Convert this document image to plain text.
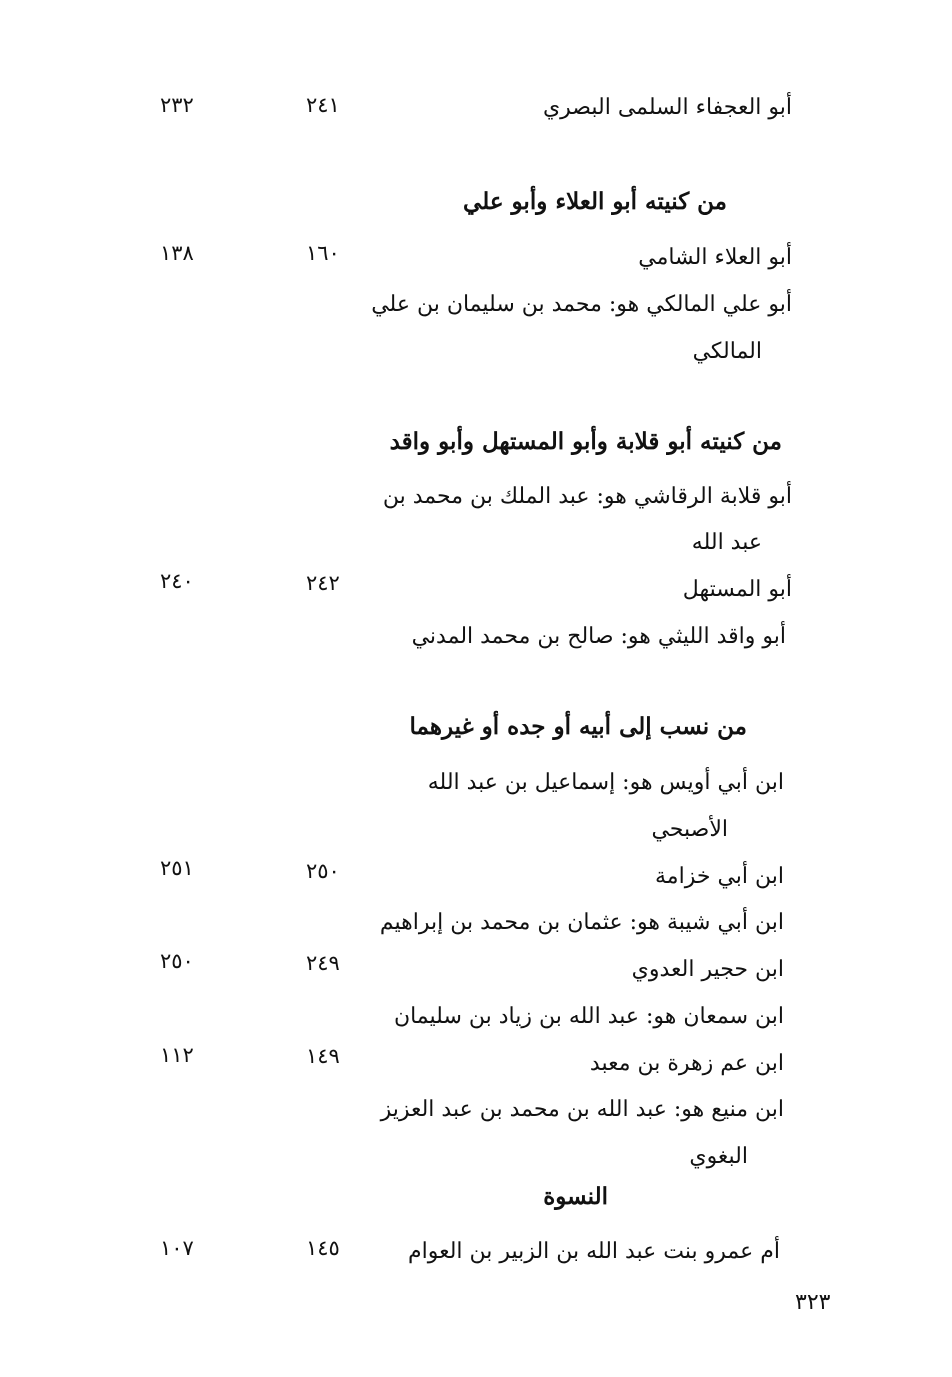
أبو العجفاء السلمى البصري
٢٤١
٢٣٢
من كنيته أبو العلاء وأبو علي
أبو العلاء الشامي
١٦٠
١٣٨
أبو علي المالكي هو: محمد بن سليمان بن علي
المالكي
من كنيته أبو قلابة وأبو المستهل وأبو واقد
أبو قلابة الرقاشي هو: عبد الملك بن محمد بن
عبد الله
أبو المستهل
٢٤٢
٢٤٠
أبو واقد الليثي هو: صالح بن محمد المدني
من نسب إلى أبيه أو جده أو غيرهما
ابن أبي أويس هو: إسماعيل بن عبد الله
الأصبحي
ابن أبي خزامة
٢٥٠
٢٥١
ابن أبي شيبة هو: عثمان بن محمد بن إبراهيم
ابن حجير العدوي
٢٤٩
٢٥٠
ابن سمعان هو: عبد الله بن زياد بن سليمان
ابن عم زهرة بن معبد
١٤٩
١١٢
ابن منيع هو: عبد الله بن محمد بن عبد العزيز
البغوي
النسوة
أم عمرو بنت عبد الله بن الزبير بن العوام
١٤٥
١٠٧
٣٢٣
